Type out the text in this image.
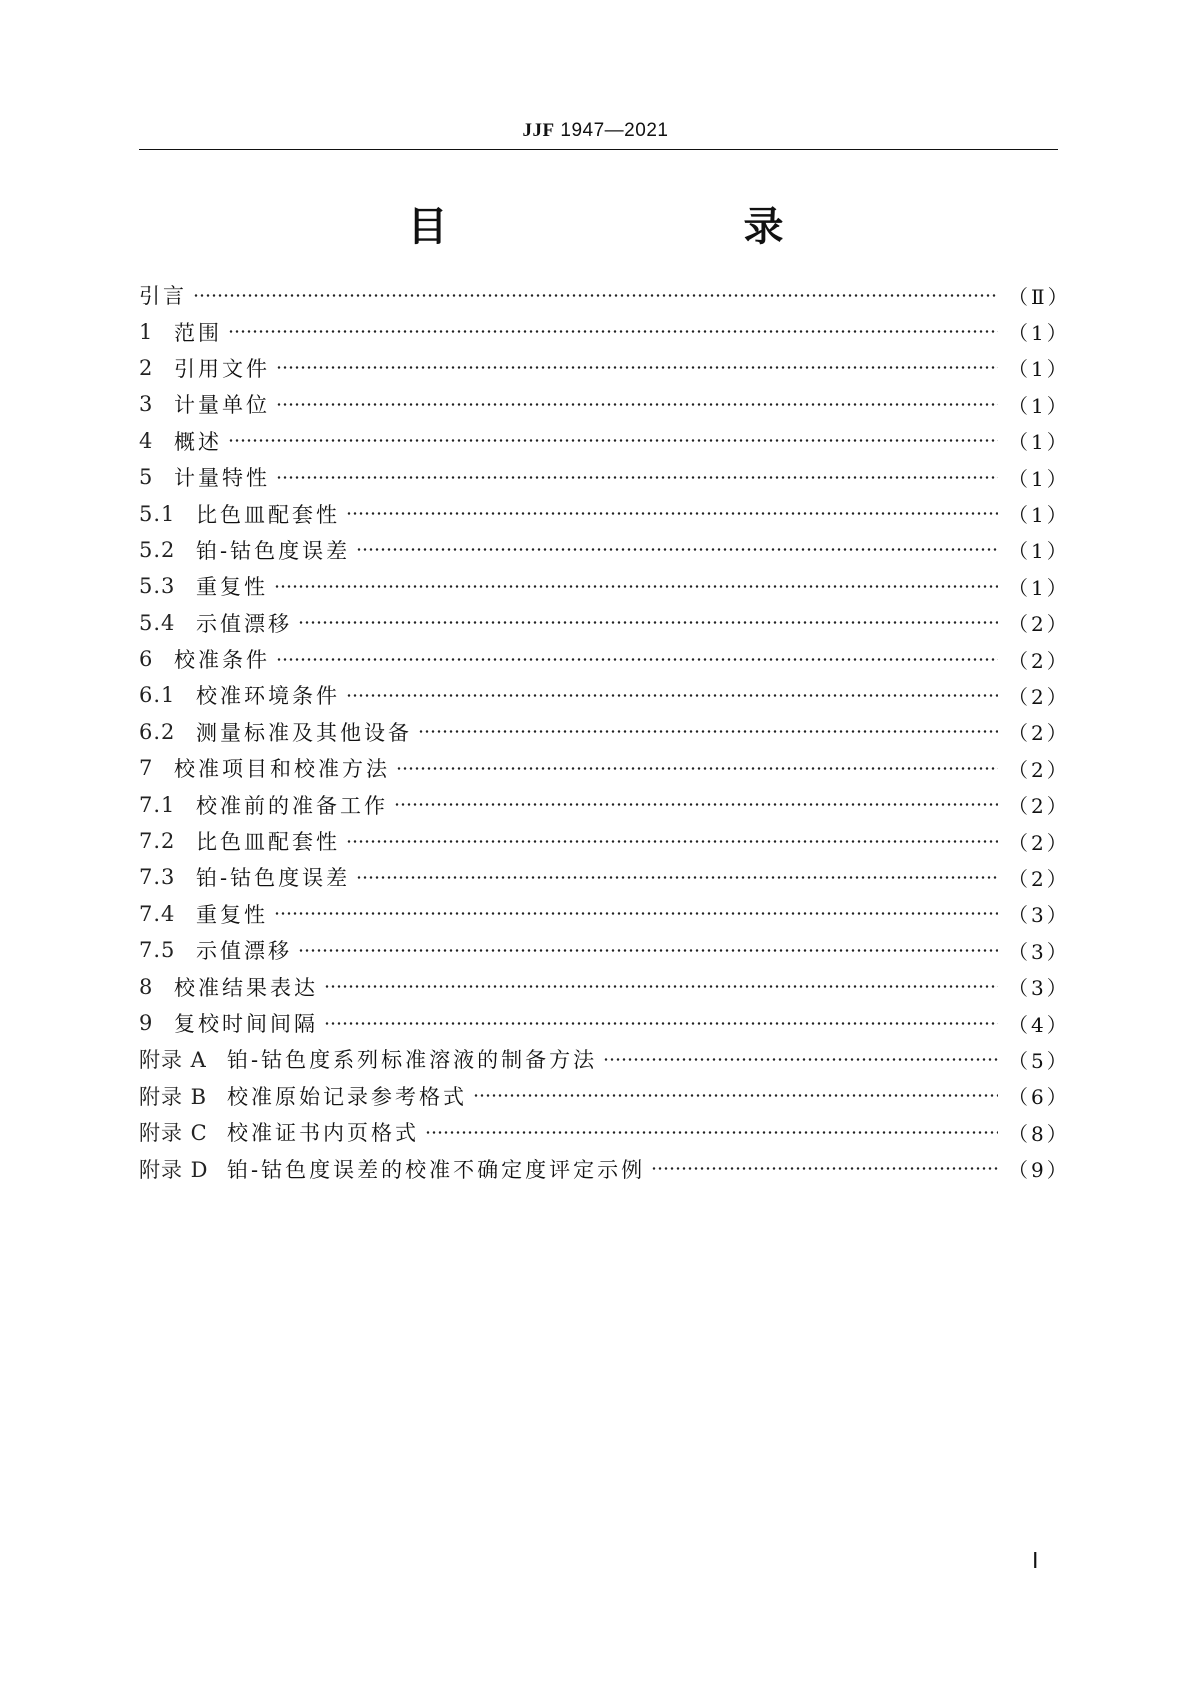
JJF 1947—2021
目　　录
引言	（Ⅱ）
1 范围	（1）
2 引用文件	（1）
3 计量单位	（1）
4 概述	（1）
5 计量特性	（1）
5.1 比色皿配套性	（1）
5.2 铂-钴色度误差	（1）
5.3 重复性	（1）
5.4 示值漂移	（2）
6 校准条件	（2）
6.1 校准环境条件	（2）
6.2 测量标准及其他设备	（2）
7 校准项目和校准方法	（2）
7.1 校准前的准备工作	（2）
7.2 比色皿配套性	（2）
7.3 铂-钴色度误差	（2）
7.4 重复性	（3）
7.5 示值漂移	（3）
8 校准结果表达	（3）
9 复校时间间隔	（4）
附录 A 铂-钴色度系列标准溶液的制备方法	（5）
附录 B 校准原始记录参考格式	（6）
附录 C 校准证书内页格式	（8）
附录 D 铂-钴色度误差的校准不确定度评定示例	（9）
Ⅰ
